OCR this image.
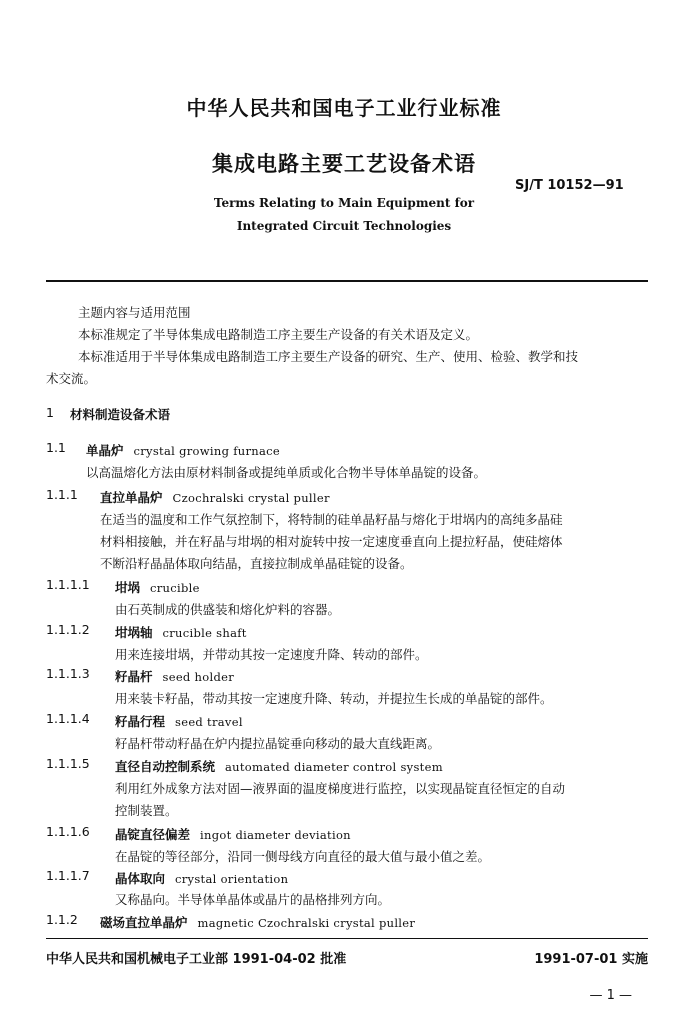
中华人民共和国电子工业行业标准
集成电路主要工艺设备术语
SJ/T 10152—91
Terms Relating to Main Equipment for
Integrated Circuit Technologies
主题内容与适用范围
本标准规定了半导体集成电路制造工序主要生产设备的有关术语及定义。
本标准适用于半导体集成电路制造工序主要生产设备的研究、生产、使用、检验、教学和技
术交流。
1 材料制造设备术语
1.1 单晶炉 crystal growing furnace
以高温熔化方法由原材料制备或提纯单质或化合物半导体单晶锭的设备。
1.1.1 直拉单晶炉 Czochralski crystal puller
在适当的温度和工作气氛控制下，将特制的硅单晶籽晶与熔化于坩埚内的高纯多晶硅
材料相接触，并在籽晶与坩埚的相对旋转中按一定速度垂直向上提拉籽晶，使硅熔体
不断沿籽晶晶体取向结晶，直接拉制成单晶硅锭的设备。
1.1.1.1 坩埚 crucible
由石英制成的供盛装和熔化炉料的容器。
1.1.1.2 坩埚轴 crucible shaft
用来连接坩埚，并带动其按一定速度升降、转动的部件。
1.1.1.3 籽晶杆 seed holder
用来装卡籽晶，带动其按一定速度升降、转动，并提拉生长成的单晶锭的部件。
1.1.1.4 籽晶行程 seed travel
籽晶杆带动籽晶在炉内提拉晶锭垂向移动的最大直线距离。
1.1.1.5 直径自动控制系统 automated diameter control system
利用红外成象方法对固—液界面的温度梯度进行监控，以实现晶锭直径恒定的自动
控制装置。
1.1.1.6 晶锭直径偏差 ingot diameter deviation
在晶锭的等径部分，沿同一侧母线方向直径的最大值与最小值之差。
1.1.1.7 晶体取向 crystal orientation
又称晶向。半导体单晶体或晶片的晶格排列方向。
1.1.2 磁场直拉单晶炉 magnetic Czochralski crystal puller
中华人民共和国机械电子工业部 1991-04-02 批准	1991-07-01 实施
— 1 —
